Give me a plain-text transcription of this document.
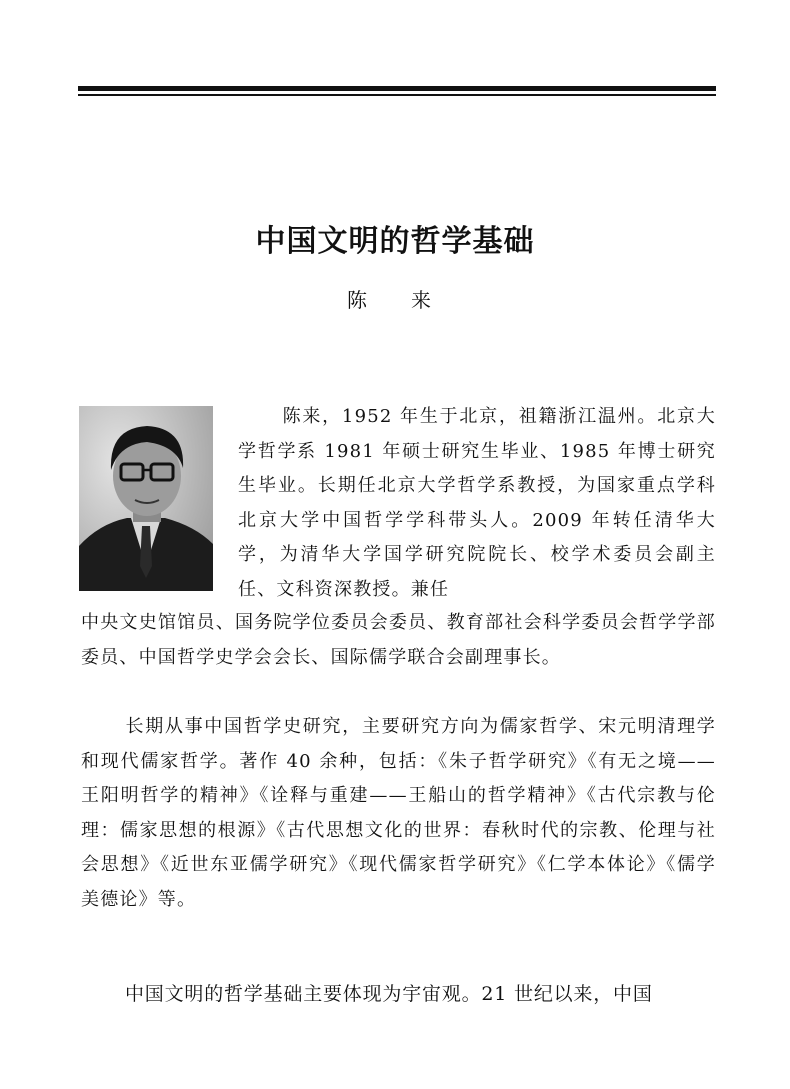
中国文明的哲学基础
陈　来

陈来，1952 年生于北京，祖籍浙江温州。北京大学哲学系 1981 年硕士研究生毕业、1985 年博士研究生毕业。长期任北京大学哲学系教授，为国家重点学科北京大学中国哲学学科带头人。2009 年转任清华大学，为清华大学国学研究院院长、校学术委员会副主任、文科资深教授。兼任

中央文史馆馆员、国务院学位委员会委员、教育部社会科学委员会哲学学部委员、中国哲学史学会会长、国际儒学联合会副理事长。

长期从事中国哲学史研究，主要研究方向为儒家哲学、宋元明清理学和现代儒家哲学。著作 40 余种，包括：《朱子哲学研究》《有无之境——王阳明哲学的精神》《诠释与重建——王船山的哲学精神》《古代宗教与伦理：儒家思想的根源》《古代思想文化的世界：春秋时代的宗教、伦理与社会思想》《近世东亚儒学研究》《现代儒家哲学研究》《仁学本体论》《儒学美德论》等。

中国文明的哲学基础主要体现为宇宙观。21 世纪以来，中国
